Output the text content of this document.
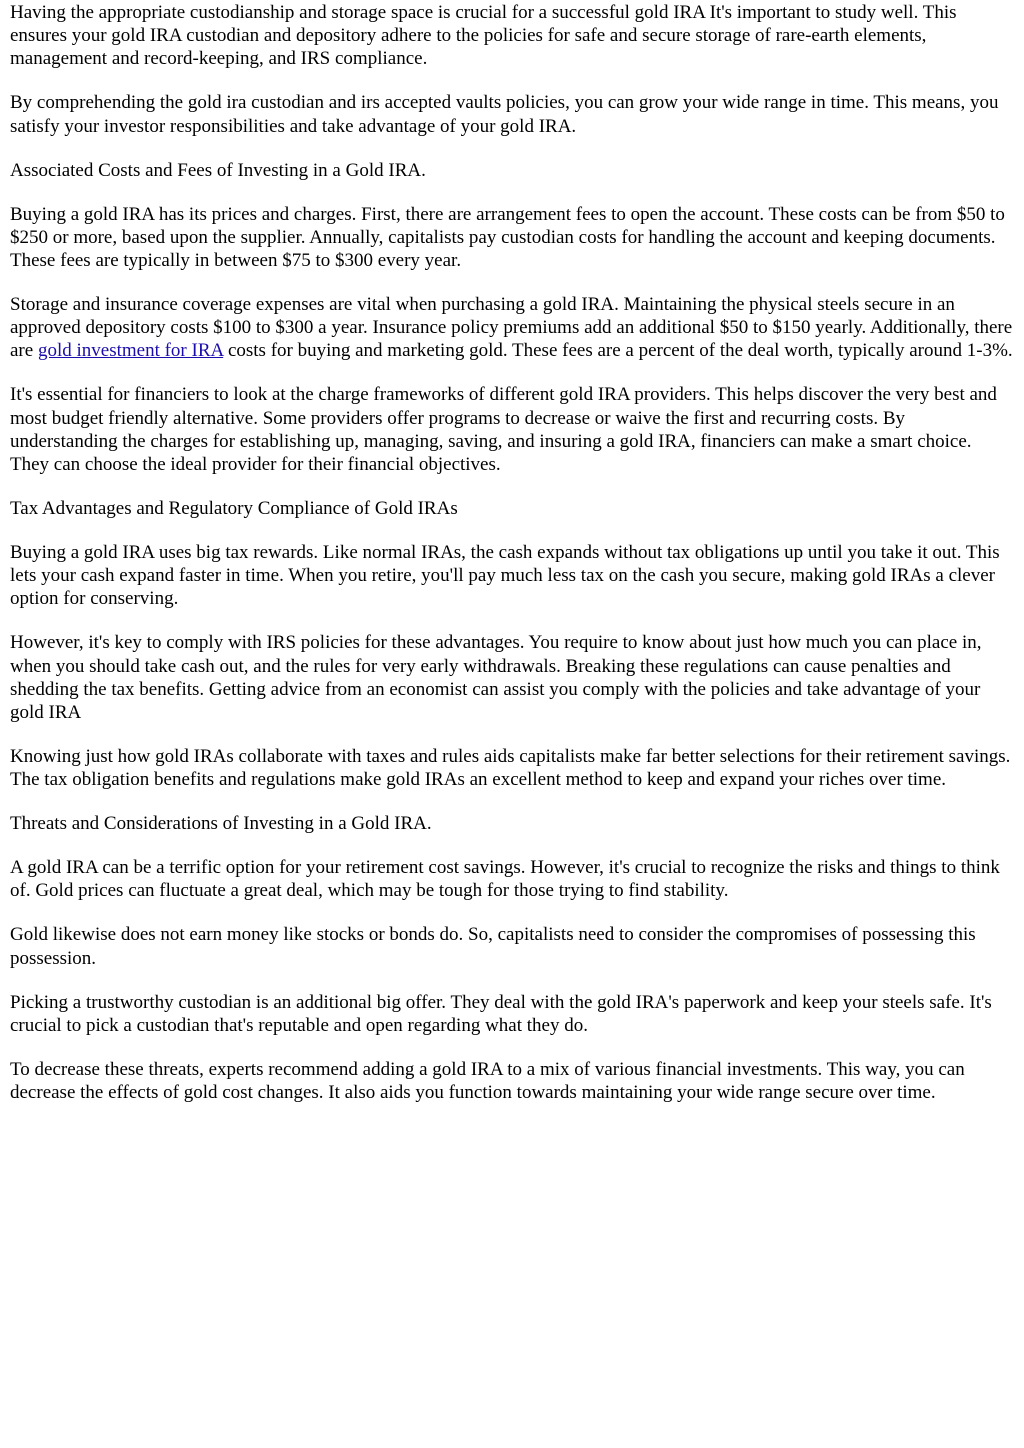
Having the appropriate custodianship and storage space is crucial for a successful gold IRA It's important to study well. This ensures your gold IRA custodian and depository adhere to the policies for safe and secure storage of rare-earth elements, management and record-keeping, and IRS compliance.

By comprehending the gold ira custodian and irs accepted vaults policies, you can grow your wide range in time. This means, you satisfy your investor responsibilities and take advantage of your gold IRA.

Associated Costs and Fees of Investing in a Gold IRA.

Buying a gold IRA has its prices and charges. First, there are arrangement fees to open the account. These costs can be from $50 to $250 or more, based upon the supplier. Annually, capitalists pay custodian costs for handling the account and keeping documents. These fees are typically in between $75 to $300 every year.

Storage and insurance coverage expenses are vital when purchasing a gold IRA. Maintaining the physical steels secure in an approved depository costs $100 to $300 a year. Insurance policy premiums add an additional $50 to $150 yearly. Additionally, there are gold investment for IRA costs for buying and marketing gold. These fees are a percent of the deal worth, typically around 1-3%.

It's essential for financiers to look at the charge frameworks of different gold IRA providers. This helps discover the very best and most budget friendly alternative. Some providers offer programs to decrease or waive the first and recurring costs. By understanding the charges for establishing up, managing, saving, and insuring a gold IRA, financiers can make a smart choice. They can choose the ideal provider for their financial objectives.

Tax Advantages and Regulatory Compliance of Gold IRAs

Buying a gold IRA uses big tax rewards. Like normal IRAs, the cash expands without tax obligations up until you take it out. This lets your cash expand faster in time. When you retire, you'll pay much less tax on the cash you secure, making gold IRAs a clever option for conserving.

However, it's key to comply with IRS policies for these advantages. You require to know about just how much you can place in, when you should take cash out, and the rules for very early withdrawals. Breaking these regulations can cause penalties and shedding the tax benefits. Getting advice from an economist can assist you comply with the policies and take advantage of your gold IRA

Knowing just how gold IRAs collaborate with taxes and rules aids capitalists make far better selections for their retirement savings. The tax obligation benefits and regulations make gold IRAs an excellent method to keep and expand your riches over time.

Threats and Considerations of Investing in a Gold IRA.

A gold IRA can be a terrific option for your retirement cost savings. However, it's crucial to recognize the risks and things to think of. Gold prices can fluctuate a great deal, which may be tough for those trying to find stability.

Gold likewise does not earn money like stocks or bonds do. So, capitalists need to consider the compromises of possessing this possession.

Picking a trustworthy custodian is an additional big offer. They deal with the gold IRA's paperwork and keep your steels safe. It's crucial to pick a custodian that's reputable and open regarding what they do.

To decrease these threats, experts recommend adding a gold IRA to a mix of various financial investments. This way, you can decrease the effects of gold cost changes. It also aids you function towards maintaining your wide range secure over time.
